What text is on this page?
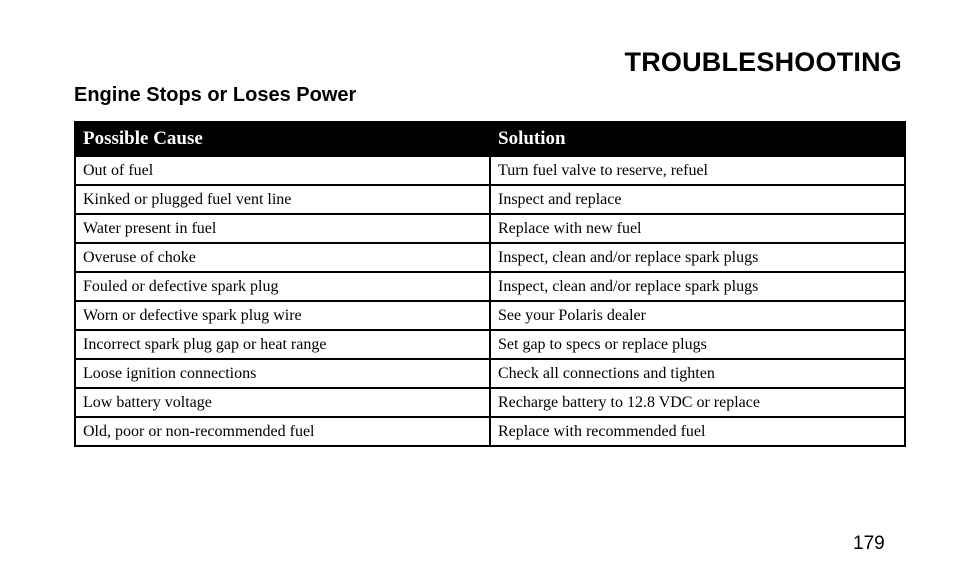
TROUBLESHOOTING
Engine Stops or Loses Power
Possible Cause	Solution
Out of fuel	Turn fuel valve to reserve, refuel
Kinked or plugged fuel vent line	Inspect and replace
Water present in fuel	Replace with new fuel
Overuse of choke	Inspect, clean and/or replace spark plugs
Fouled or defective spark plug	Inspect, clean and/or replace spark plugs
Worn or defective spark plug wire	See your Polaris dealer
Incorrect spark plug gap or heat range	Set gap to specs or replace plugs
Loose ignition connections	Check all connections and tighten
Low battery voltage	Recharge battery to 12.8 VDC or replace
Old, poor or non-recommended fuel	Replace with recommended fuel
179
